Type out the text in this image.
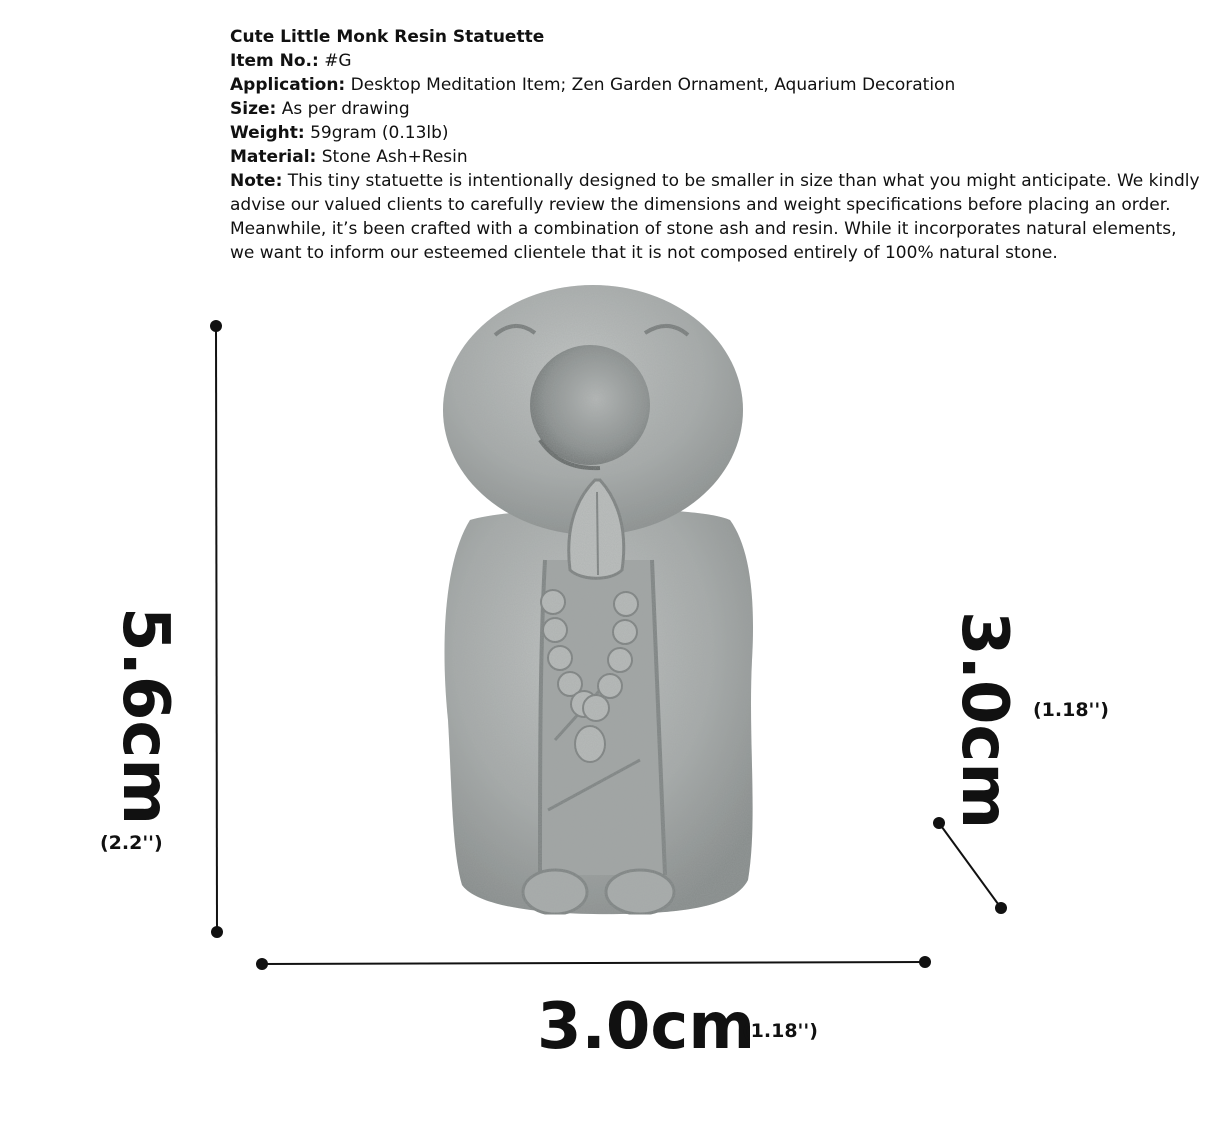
Cute Little Monk Resin Statuette

Item No.: #G

Application: Desktop Meditation Item; Zen Garden Ornament, Aquarium Decoration

Size: As per drawing

Weight: 59gram (0.13lb)

Material: Stone Ash+Resin

Note: This tiny statuette is intentionally designed to be smaller in size than what you might anticipate. We kindly advise our valued clients to carefully review the dimensions and weight specifications before placing an order. Meanwhile, it’s been crafted with a combination of stone ash and resin. While it incorporates natural elements, we want to inform our esteemed clientele that it is not composed entirely of 100% natural stone.

5.6cm
(2.2'')
3.0cm
(1.18'')
3.0cm (1.18'')
